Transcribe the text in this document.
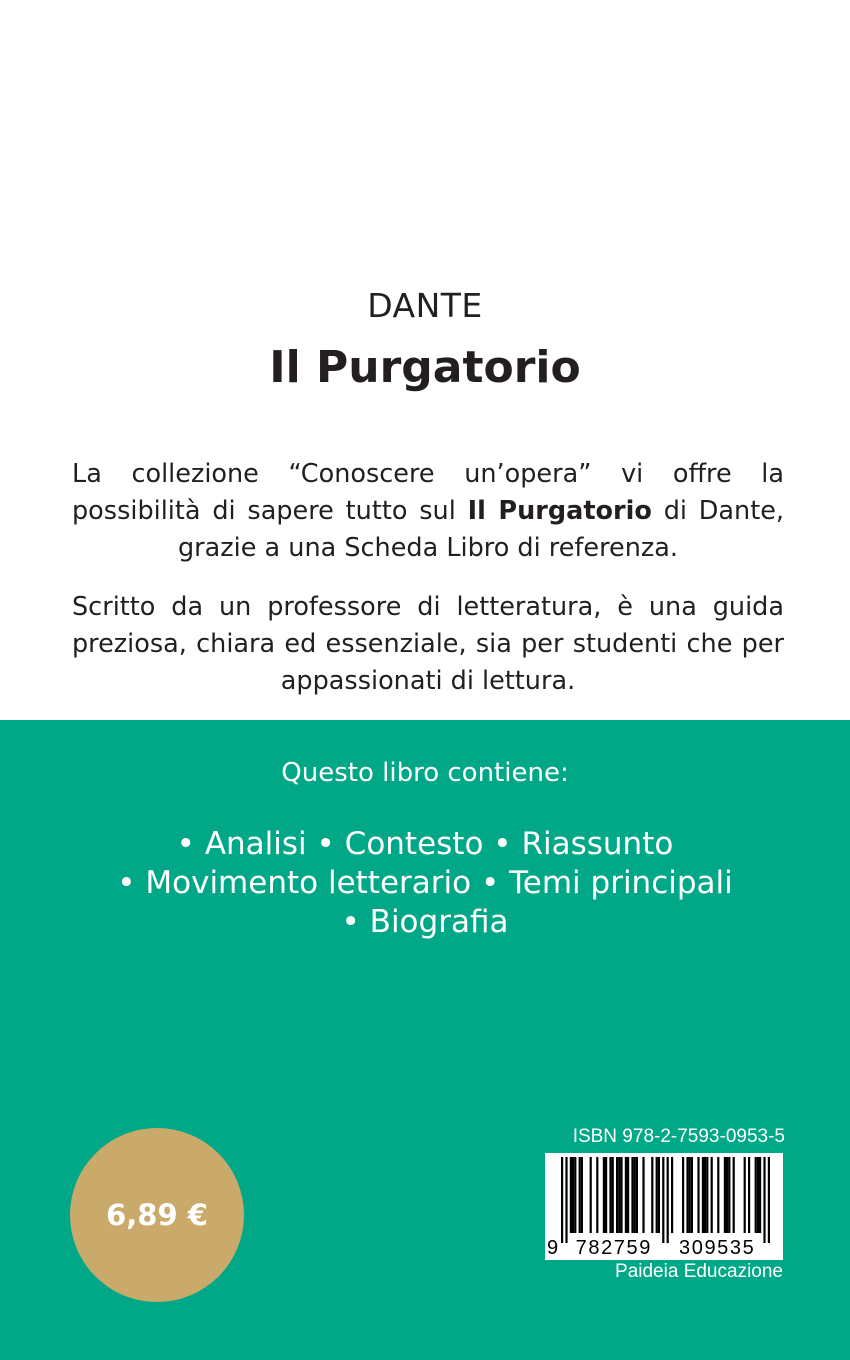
DANTE
Il Purgatorio
La collezione “Conoscere un’opera” vi offre la possibilità di sapere tutto sul Il Purgatorio di Dante, grazie a una Scheda Libro di referenza.
Scritto da un professore di letteratura, è una guida preziosa, chiara ed essenziale, sia per studenti che per appassionati di lettura.
Questo libro contiene:
• Analisi • Contesto • Riassunto • Movimento letterario • Temi principali • Biografia
6,89 €
ISBN 978-2-7593-0953-5
9 782759 309535
Paideia Educazione
